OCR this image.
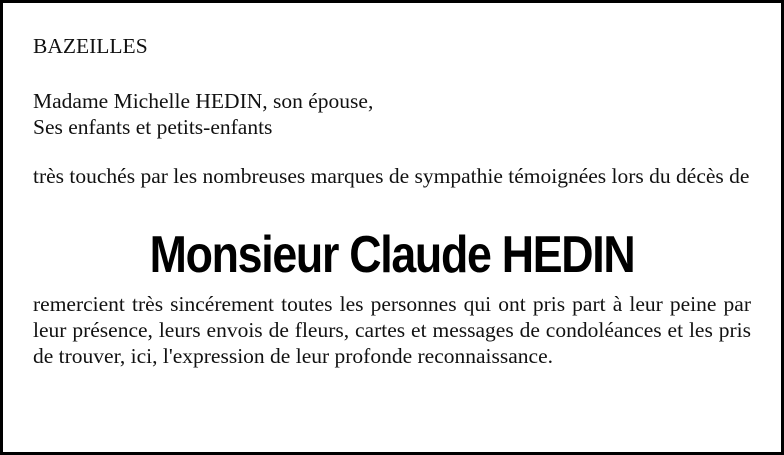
BAZEILLES

Madame Michelle HEDIN, son épouse,
Ses enfants et petits-enfants

très touchés par les nombreuses marques de sympathie témoignées lors du décès de

Monsieur Claude HEDIN

remercient très sincérement toutes les personnes qui ont pris part à leur peine par leur présence, leurs envois de fleurs, cartes et messages de condoléances et les pris de trouver, ici, l'expression de leur profonde reconnaissance.
